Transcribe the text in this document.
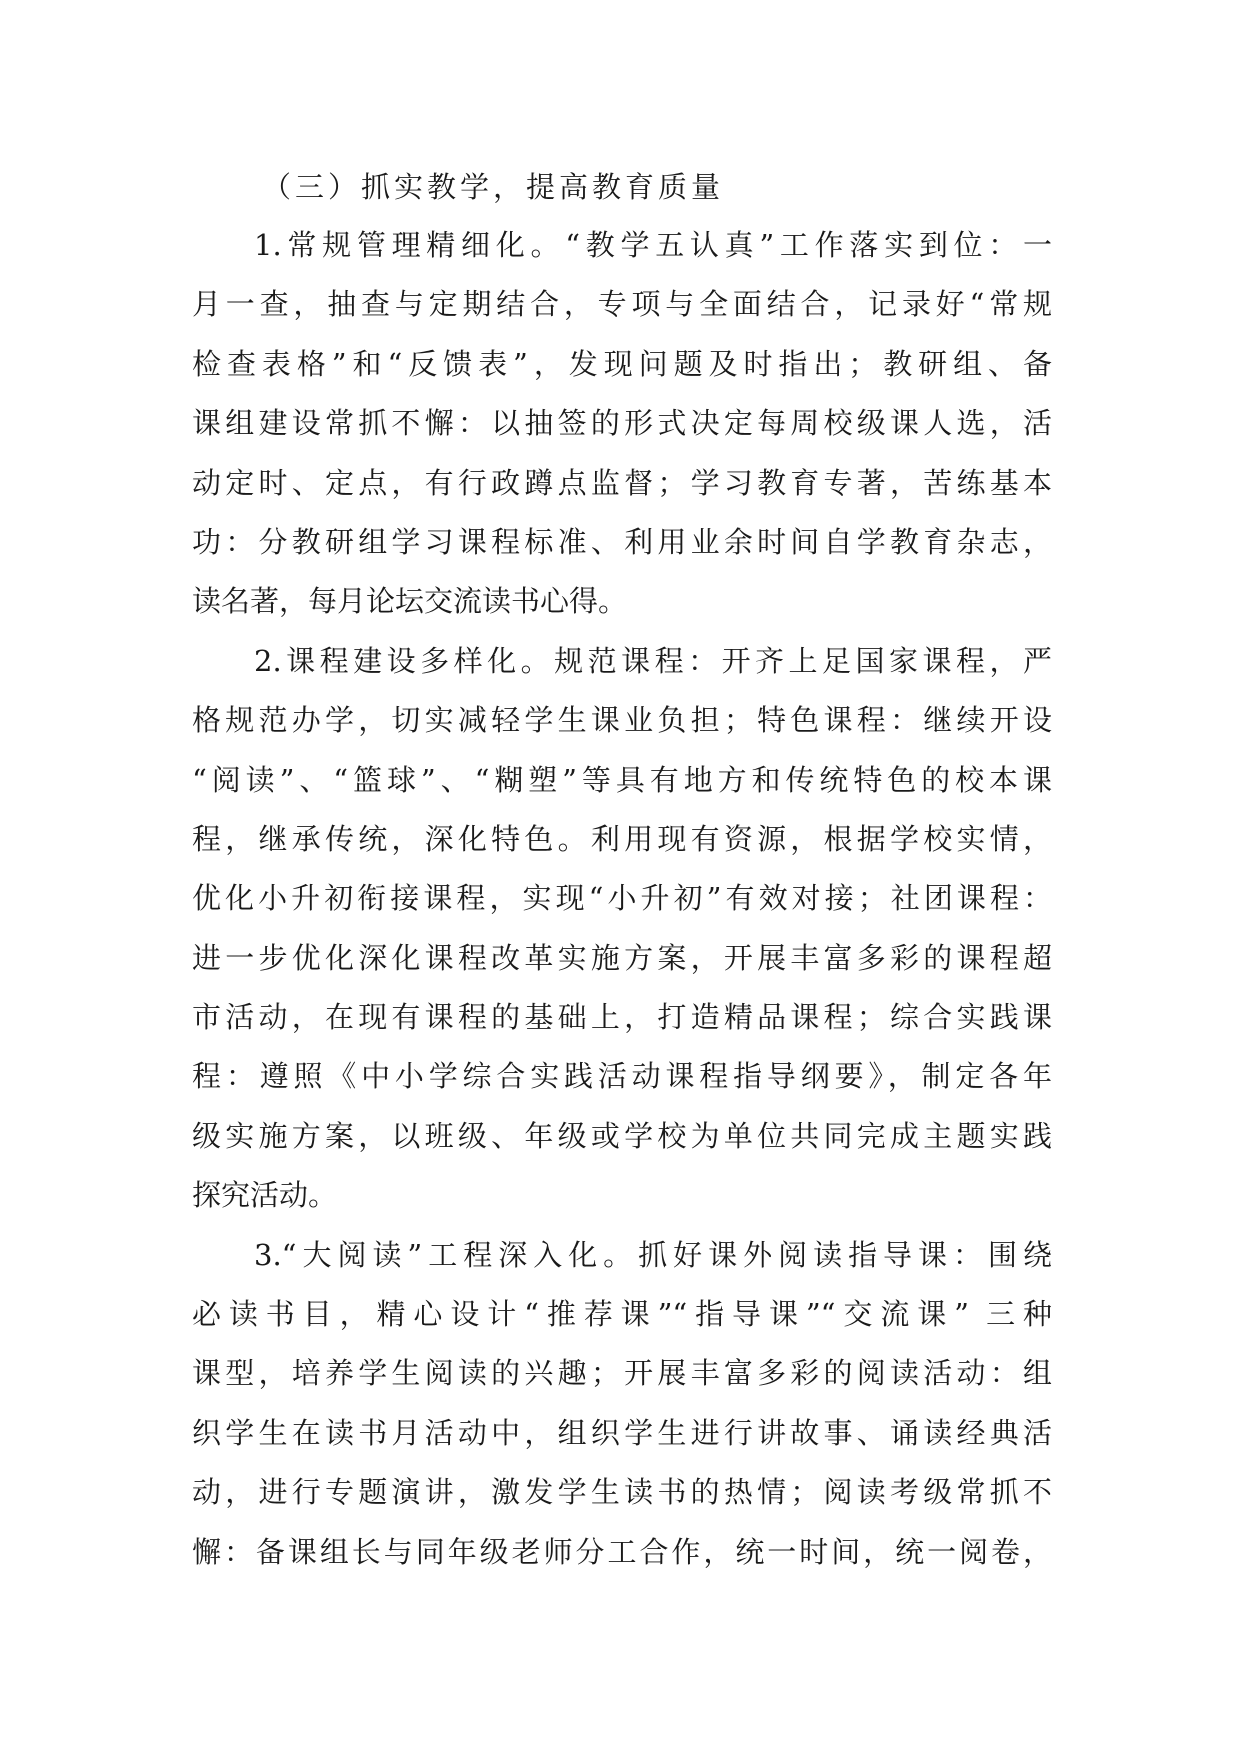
（三）抓实教学，提高教育质量
1.常规管理精细化。“教学五认真”工作落实到位：一
月一查，抽查与定期结合，专项与全面结合，记录好“常规
检查表格”和“反馈表”，发现问题及时指出；教研组、备
课组建设常抓不懈：以抽签的形式决定每周校级课人选，活
动定时、定点，有行政蹲点监督；学习教育专著，苦练基本
功：分教研组学习课程标准、利用业余时间自学教育杂志，
读名著，每月论坛交流读书心得。
2.课程建设多样化。规范课程：开齐上足国家课程，严
格规范办学，切实减轻学生课业负担；特色课程：继续开设
“阅读”、“篮球”、“糊塑”等具有地方和传统特色的校本课
程，继承传统，深化特色。利用现有资源，根据学校实情，
优化小升初衔接课程，实现“小升初”有效对接；社团课程：
进一步优化深化课程改革实施方案，开展丰富多彩的课程超
市活动，在现有课程的基础上，打造精品课程；综合实践课
程：遵照《中小学综合实践活动课程指导纲要》，制定各年
级实施方案，以班级、年级或学校为单位共同完成主题实践
探究活动。
3.“大阅读”工程深入化。抓好课外阅读指导课：围绕
必读书目，精心设计“推荐课”“指导课”“交流课” 三种
课型，培养学生阅读的兴趣；开展丰富多彩的阅读活动：组
织学生在读书月活动中，组织学生进行讲故事、诵读经典活
动，进行专题演讲，激发学生读书的热情；阅读考级常抓不
懈：备课组长与同年级老师分工合作，统一时间，统一阅卷，
